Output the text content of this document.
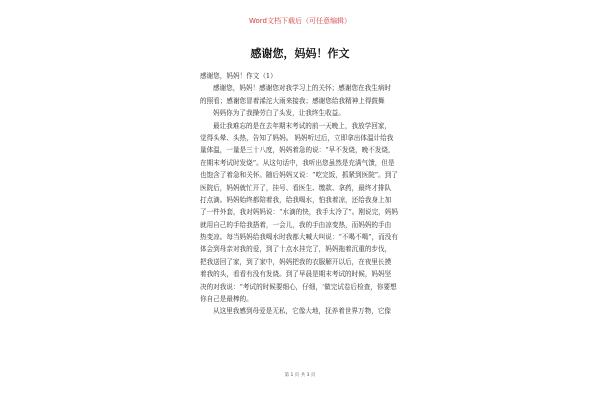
Word文档下载后（可任意编辑）
感谢您，妈妈！作文
感谢您，妈妈！作文（1）
感谢您，妈妈！感谢您对我学习上的关怀；感谢您在我生病时
的照看；感谢您冒着浠沱大雨来接我；感谢您给我精神上得鼓舞
妈妈你为了我操劳白了头发，让我终生收益。
最让我难忘的是在去年期末考试的前一天晚上，我放学回家，
觉得头晕、头热，告知了妈妈。 妈妈听过后，立即拿出体温计给我
量体温，一量是三十八度，妈妈着急的说：“早不发烧，晚不发烧，
在期末考试时发烧”。从这句话中，我听出您虽然是充满气馈，但是
也饱含了着急和关怀。随后妈妈又说：“吃完饭，抓紧到医院”。到了
医院后，妈妈就忙开了，挂号、看医生、缴款、拿药，最终才排队
打点滴。妈妈始终都陪着我，给我喝水，怕我着凉，还给我身上加
了一件外套，我对妈妈说：“水滴的快，我手太冷了”。刚说完，妈妈
就用自己的手给我捂着，一会儿，我的手由凉变热，而妈妈的手由
热变凉。每当妈妈给我喝水时我都大喊大叫说：“不喝不喝”，而没有
体会到母亲对我的爱，到了十点水挂完了，妈妈拖着沉重的步伐，
把我送回了家，到了家中，妈妈把我的衣服解开以后，在夜里长摸
着我的头，看看有没有发烧。到了早晨是期末考试的时候，妈妈坚
决的对我说：“考试的时候要细心，仔细，‘做完试卷后检查，你要想
你自己是最棒的。
从这里我感到母爱是无私，它像大地，抚养着世界万物，它像
第 1 页 共 3 页
